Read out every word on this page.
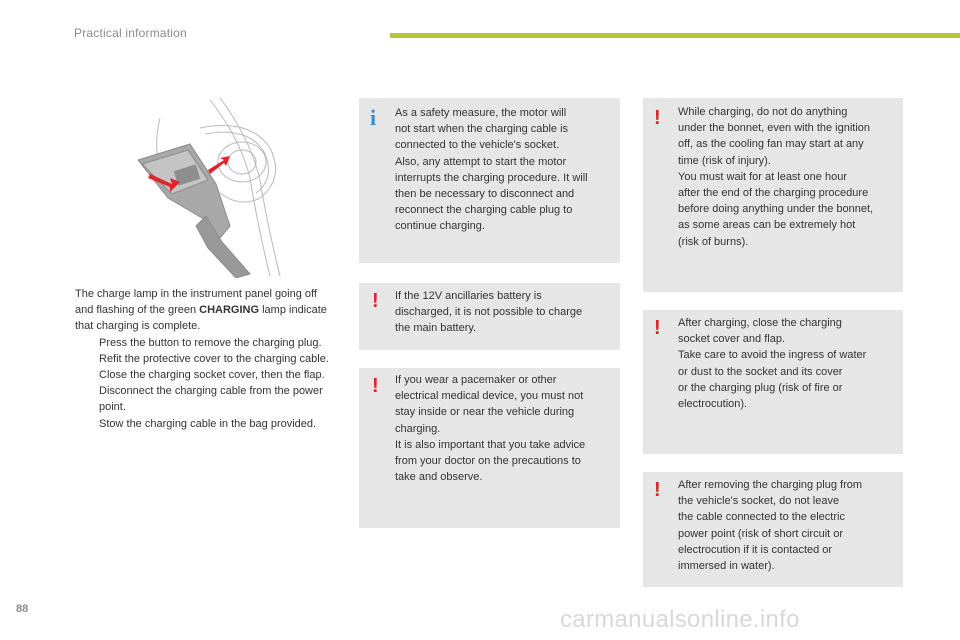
Practical information

The charge lamp in the instrument panel going off and flashing of the green CHARGING lamp indicate that charging is complete.

Press the button to remove the charging plug.
Refit the protective cover to the charging cable.
Close the charging socket cover, then the flap.
Disconnect the charging cable from the power point.
Stow the charging cable in the bag provided.
i As a safety measure, the motor will
not start when the charging cable is
connected to the vehicle's socket.
Also, any attempt to start the motor
interrupts the charging procedure. It will
then be necessary to disconnect and
reconnect the charging cable plug to
continue charging.
! If the 12V ancillaries battery is
discharged, it is not possible to charge
the main battery.
! If you wear a pacemaker or other
electrical medical device, you must not
stay inside or near the vehicle during
charging.
It is also important that you take advice
from your doctor on the precautions to
take and observe.
! While charging, do not do anything
under the bonnet, even with the ignition
off, as the cooling fan may start at any
time (risk of injury).
You must wait for at least one hour
after the end of the charging procedure
before doing anything under the bonnet,
as some areas can be extremely hot
(risk of burns).
! After charging, close the charging
socket cover and flap.
Take care to avoid the ingress of water
or dust to the socket and its cover
or the charging plug (risk of fire or
electrocution).
! After removing the charging plug from
the vehicle's socket, do not leave
the cable connected to the electric
power point (risk of short circuit or
electrocution if it is contacted or
immersed in water).
88	carmanualsonline.info
